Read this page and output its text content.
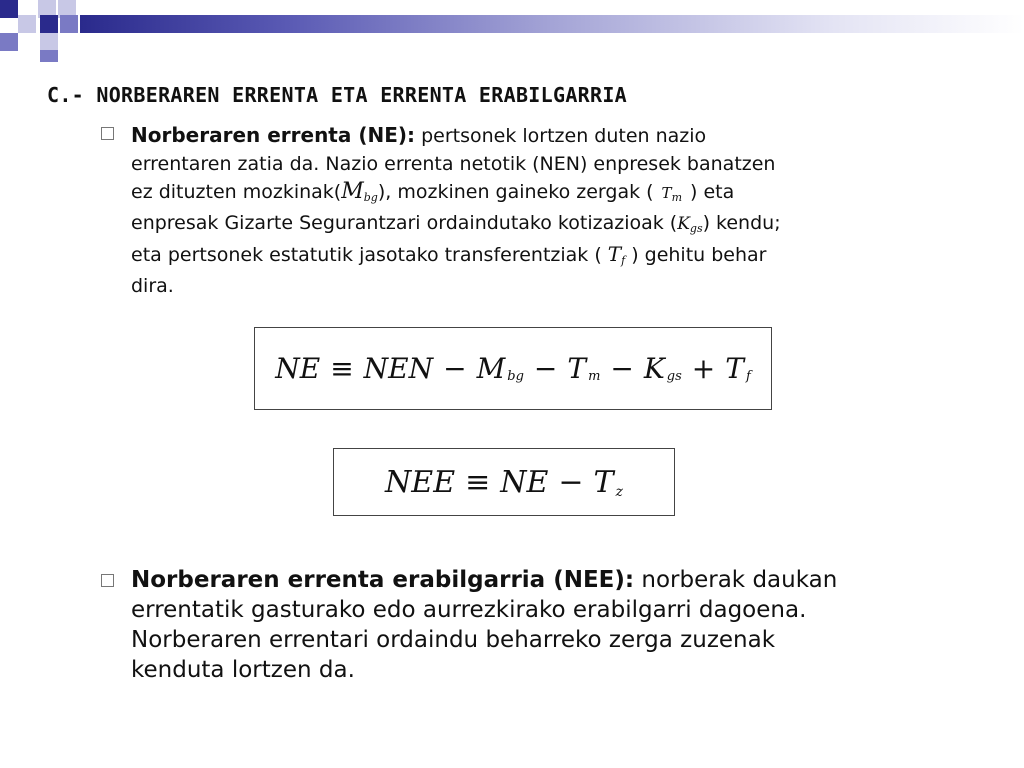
C.- NORBERAREN ERRENTA ETA ERRENTA ERABILGARRIA
Norberaren errenta (NE): pertsonek lortzen duten nazio
errentaren zatia da. Nazio errenta netotik (NEN) enpresek banatzen
ez dituzten $mozkinak(M_{bg})$, mozkinen gaineko zergak ( $T_m$ ) eta
enpresak Gizarte Segurantzari ordaindutako kotizazioak $(K_{gs})$ kendu;
eta pertsonek estatutik jasotako transferentziak ( $T_f$ ) gehitu behar
dira.
NE ≡ NEN − M bg − T m − K gs + T f
NEE ≡ NE − T z
Norberaren errenta erabilgarria (NEE): norberak daukan
errentatik gasturako edo aurrezkirako erabilgarri dagoena.
Norberaren errentari ordaindu beharreko zerga zuzenak
kenduta lortzen da.
